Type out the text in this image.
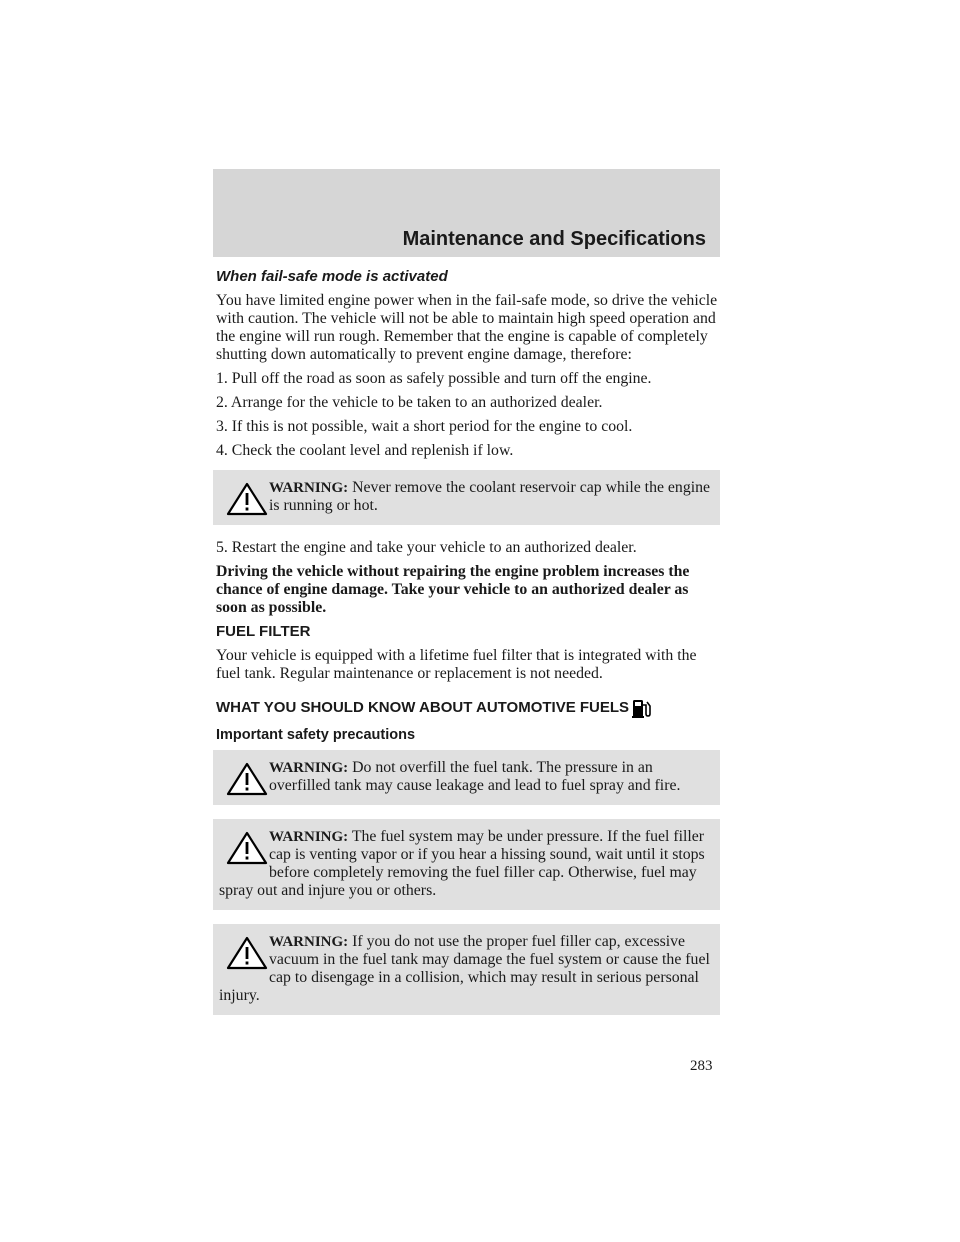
Maintenance and Specifications

When fail-safe mode is activated

You have limited engine power when in the fail-safe mode, so drive the vehicle with caution. The vehicle will not be able to maintain high speed operation and the engine will run rough. Remember that the engine is capable of completely shutting down automatically to prevent engine damage, therefore:

1. Pull off the road as soon as safely possible and turn off the engine.

2. Arrange for the vehicle to be taken to an authorized dealer.

3. If this is not possible, wait a short period for the engine to cool.

4. Check the coolant level and replenish if low.

WARNING: Never remove the coolant reservoir cap while the engine is running or hot.

5. Restart the engine and take your vehicle to an authorized dealer.

Driving the vehicle without repairing the engine problem increases the chance of engine damage. Take your vehicle to an authorized dealer as soon as possible.

FUEL FILTER

Your vehicle is equipped with a lifetime fuel filter that is integrated with the fuel tank. Regular maintenance or replacement is not needed.

WHAT YOU SHOULD KNOW ABOUT AUTOMOTIVE FUELS

Important safety precautions

WARNING: Do not overfill the fuel tank. The pressure in an overfilled tank may cause leakage and lead to fuel spray and fire.
WARNING: The fuel system may be under pressure. If the fuel filler cap is venting vapor or if you hear a hissing sound, wait until it stops before completely removing the fuel filler cap. Otherwise, fuel may spray out and injure you or others.
WARNING: If you do not use the proper fuel filler cap, excessive vacuum in the fuel tank may damage the fuel system or cause the fuel cap to disengage in a collision, which may result in serious personal injury.
283
